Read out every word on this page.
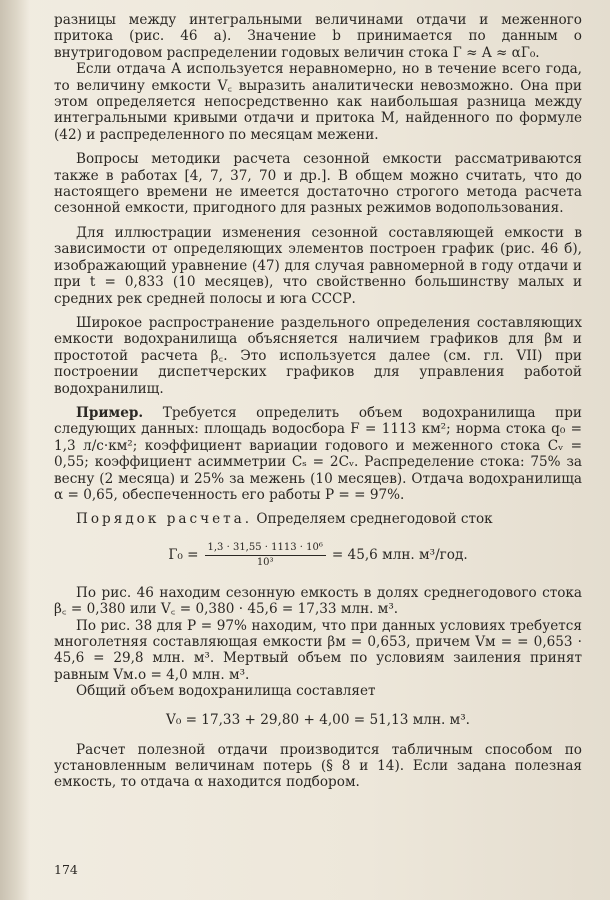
разницы между интегральными величинами отдачи и меженного притока (рис. 46 а). Значение b принимается по данным о внутригодовом распределении годовых величин стока Г ≈ A ≈ αГ₀.

Если отдача A используется неравномерно, но в течение всего года, то величину емкости V꜀ выразить аналитически невозможно. Она при этом определяется непосредственно как наибольшая разница между интегральными кривыми отдачи и притока M, найденного по формуле (42) и распределенного по месяцам межени.

Вопросы методики расчета сезонной емкости рассматриваются также в работах [4, 7, 37, 70 и др.]. В общем можно считать, что до настоящего времени не имеется достаточно строгого метода расчета сезонной емкости, пригодного для разных режимов водопользования.

Для иллюстрации изменения сезонной составляющей емкости в зависимости от определяющих элементов построен график (рис. 46 б), изображающий уравнение (47) для случая равномерной в году отдачи и при t = 0,833 (10 месяцев), что свойственно большинству малых и средних рек средней полосы и юга СССР.

Широкое распространение раздельного определения составляющих емкости водохранилища объясняется наличием графиков для βм и простотой расчета β꜀. Это используется далее (см. гл. VII) при построении диспетчерских графиков для управления работой водохранилищ.

Пример. Требуется определить объем водохранилища при следующих данных: площадь водосбора F = 1113 км²; норма стока q₀ = 1,3 л/с·км²; коэффициент вариации годового и меженного стока Cᵥ = 0,55; коэффициент асимметрии Cₛ = 2Cᵥ. Распределение стока: 75% за весну (2 месяца) и 25% за межень (10 месяцев). Отдача водохранилища α = 0,65, обеспеченность его работы P = = 97%.

Порядок расчета. Определяем среднегодовой сток

$Г_0 = \frac{\text{1,3 · 31,55 · 1113 · 10⁶}}{\text{10³}} = 45,6$ млн. м³/год.

По рис. 46 находим сезонную емкость в долях среднегодового стока β꜀ = 0,380 или V꜀ = 0,380 · 45,6 = 17,33 млн. м³.

По рис. 38 для P = 97% находим, что при данных условиях требуется многолетняя составляющая емкости βм = 0,653, причем Vм = = 0,653 · 45,6 = 29,8 млн. м³. Мертвый объем по условиям заиления принят равным Vм.о = 4,0 млн. м³.

Общий объем водохранилища составляет

V₀ = 17,33 + 29,80 + 4,00 = 51,13 млн. м³.

Расчет полезной отдачи производится табличным способом по установленным величинам потерь (§ 8 и 14). Если задана полезная емкость, то отдача α находится подбором.

174
